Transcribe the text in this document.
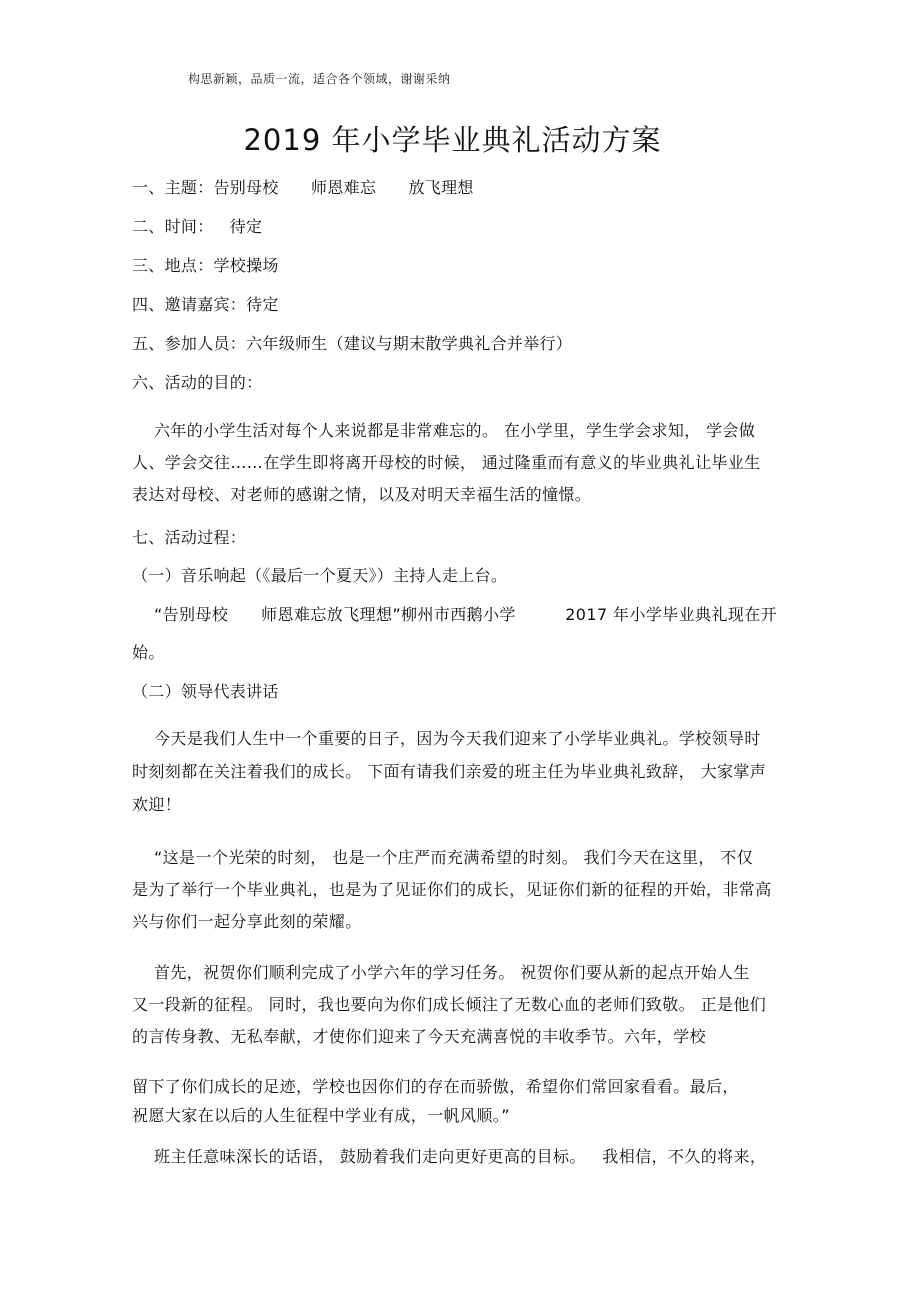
构思新颖，品质一流，适合各个领域，谢谢采纳
2019 年小学毕业典礼活动方案
一、主题：告别母校      师恩难忘      放飞理想
二、时间：   待定
三、地点：学校操场
四、邀请嘉宾：待定
五、参加人员：六年级师生（建议与期末散学典礼合并举行）
六、活动的目的：
六年的小学生活对每个人来说都是非常难忘的。 在小学里，学生学会求知， 学会做
人、学会交往……在学生即将离开母校的时候， 通过隆重而有意义的毕业典礼让毕业生
表达对母校、对老师的感谢之情，以及对明天幸福生活的憧憬。
七、活动过程：
（一）音乐响起（《最后一个夏天》）主持人走上台。
“告别母校      师恩难忘放飞理想”柳州市西鹅小学         2017 年小学毕业典礼现在开
始。
（二）领导代表讲话
今天是我们人生中一个重要的日子，因为今天我们迎来了小学毕业典礼。学校领导时
时刻刻都在关注着我们的成长。 下面有请我们亲爱的班主任为毕业典礼致辞， 大家掌声
欢迎！
“这是一个光荣的时刻， 也是一个庄严而充满希望的时刻。 我们今天在这里， 不仅
是为了举行一个毕业典礼，也是为了见证你们的成长，见证你们新的征程的开始，非常高
兴与你们一起分享此刻的荣耀。
首先，祝贺你们顺利完成了小学六年的学习任务。 祝贺你们要从新的起点开始人生
又一段新的征程。 同时，我也要向为你们成长倾注了无数心血的老师们致敬。 正是他们
的言传身教、无私奉献，才使你们迎来了今天充满喜悦的丰收季节。六年，学校
留下了你们成长的足迹，学校也因你们的存在而骄傲，希望你们常回家看看。最后，
祝愿大家在以后的人生征程中学业有成，一帆风顺。”
班主任意味深长的话语， 鼓励着我们走向更好更高的目标。   我相信，不久的将来，
